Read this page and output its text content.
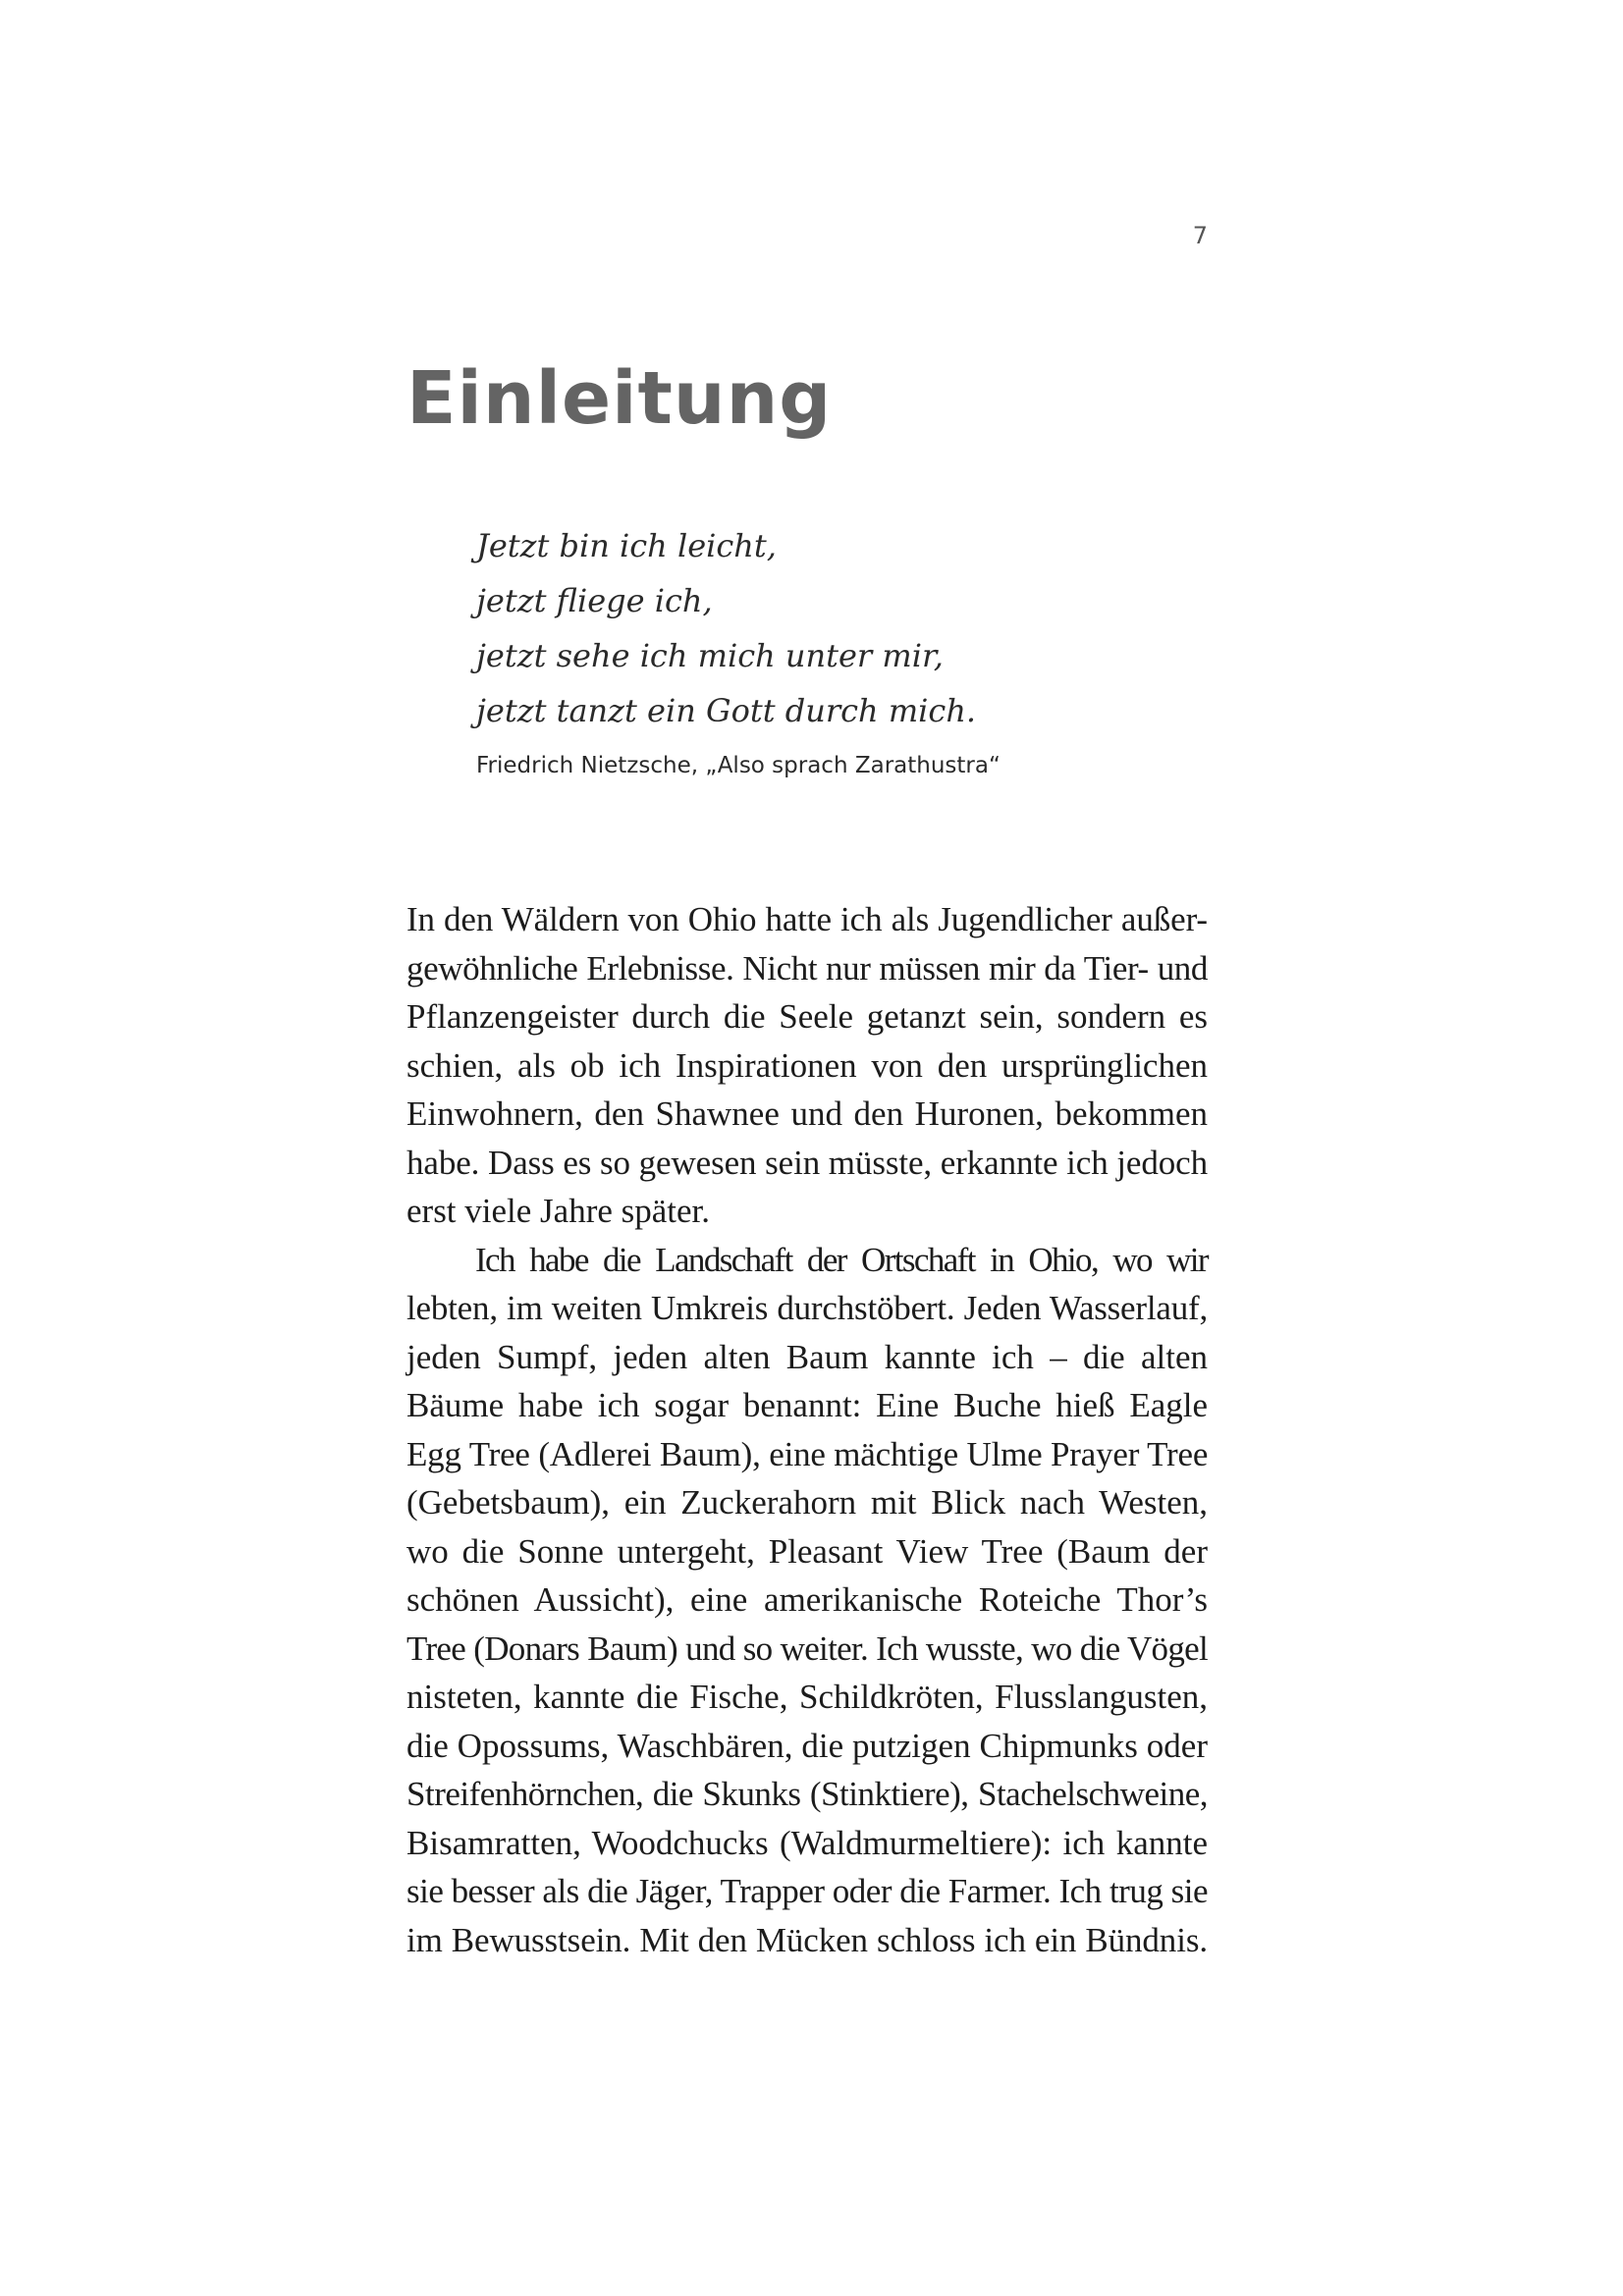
7
Einleitung
Jetzt bin ich leicht,
jetzt fliege ich,
jetzt sehe ich mich unter mir,
jetzt tanzt ein Gott durch mich.
Friedrich Nietzsche, „Also sprach Zarathustra“

In den Wäldern von Ohio hatte ich als Jugendlicher außer-
gewöhnliche Erlebnisse. Nicht nur müssen mir da Tier- und
Pflanzengeister durch die Seele getanzt sein, sondern es
schien, als ob ich Inspirationen von den ursprünglichen
Einwohnern, den Shawnee und den Huronen, bekommen
habe. Dass es so gewesen sein müsste, erkannte ich jedoch
erst viele Jahre später.

Ich habe die Landschaft der Ortschaft in Ohio, wo wir
lebten, im weiten Umkreis durchstöbert. Jeden Wasserlauf,
jeden Sumpf, jeden alten Baum kannte ich – die alten
Bäume habe ich sogar benannt: Eine Buche hieß Eagle
Egg Tree (Adlerei Baum), eine mächtige Ulme Prayer Tree
(Gebetsbaum), ein Zuckerahorn mit Blick nach Westen,
wo die Sonne untergeht, Pleasant View Tree (Baum der
schönen Aussicht), eine amerikanische Roteiche Thor’s
Tree (Donars Baum) und so weiter. Ich wusste, wo die Vögel
nisteten, kannte die Fische, Schildkröten, Flusslangusten,
die Opossums, Waschbären, die putzigen Chipmunks oder
Streifenhörnchen, die Skunks (Stinktiere), Stachelschweine,
Bisamratten, Woodchucks (Waldmurmeltiere): ich kannte
sie besser als die Jäger, Trapper oder die Farmer. Ich trug sie
im Bewusstsein. Mit den Mücken schloss ich ein Bündnis.
